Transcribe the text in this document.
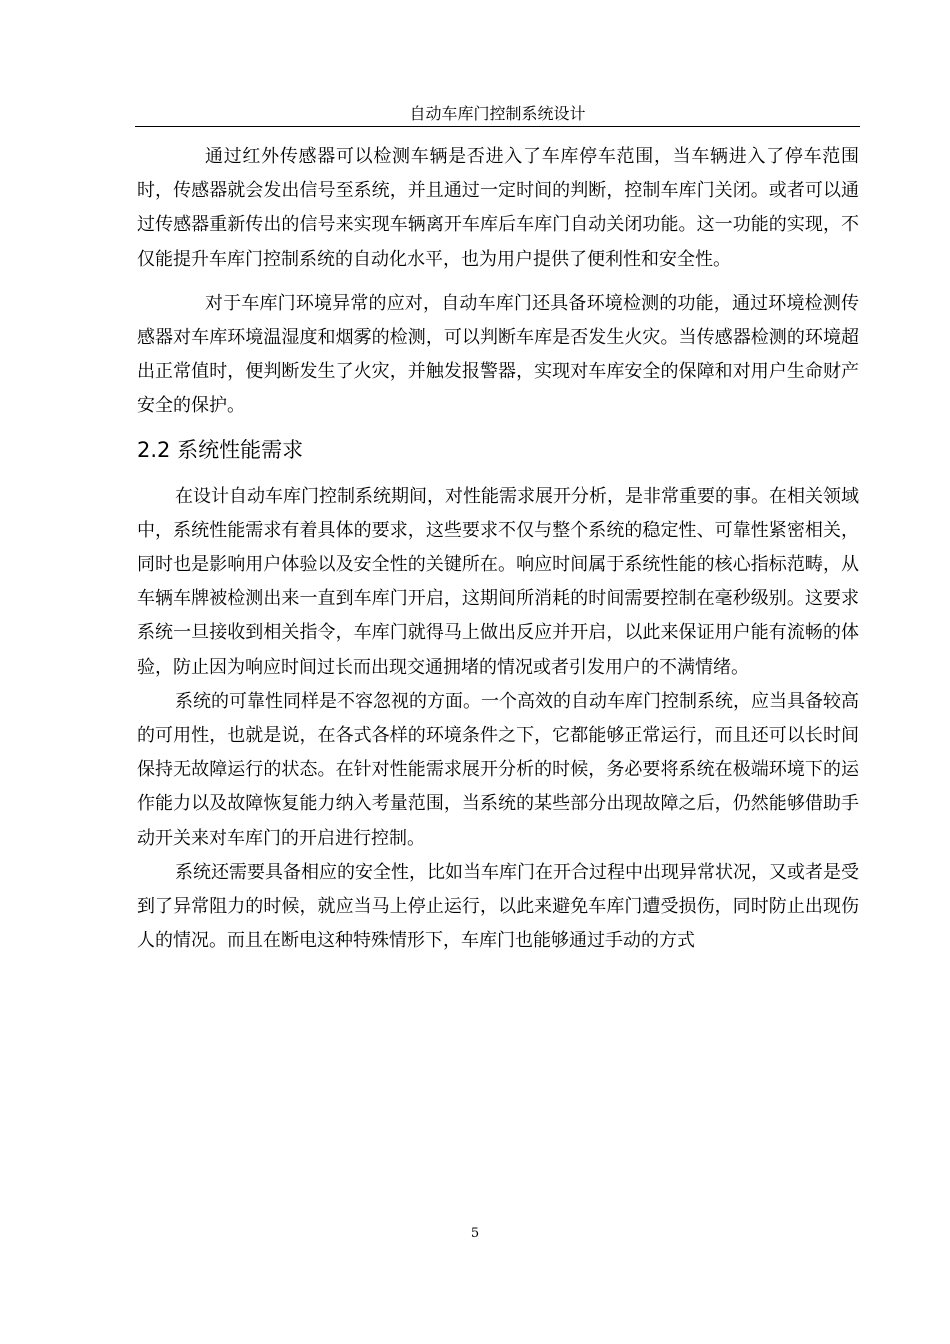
自动车库门控制系统设计

通过红外传感器可以检测车辆是否进入了车库停车范围，当车辆进入了停车范围时，传感器就会发出信号至系统，并且通过一定时间的判断，控制车库门关闭。或者可以通过传感器重新传出的信号来实现车辆离开车库后车库门自动关闭功能。这一功能的实现，不仅能提升车库门控制系统的自动化水平，也为用户提供了便利性和安全性。

对于车库门环境异常的应对，自动车库门还具备环境检测的功能，通过环境检测传感器对车库环境温湿度和烟雾的检测，可以判断车库是否发生火灾。当传感器检测的环境超出正常值时，便判断发生了火灾，并触发报警器，实现对车库安全的保障和对用户生命财产安全的保护。

2.2 系统性能需求

在设计自动车库门控制系统期间，对性能需求展开分析，是非常重要的事。在相关领域中，系统性能需求有着具体的要求，这些要求不仅与整个系统的稳定性、可靠性紧密相关，同时也是影响用户体验以及安全性的关键所在。响应时间属于系统性能的核心指标范畴，从车辆车牌被检测出来一直到车库门开启，这期间所消耗的时间需要控制在毫秒级别。这要求系统一旦接收到相关指令，车库门就得马上做出反应并开启，以此来保证用户能有流畅的体验，防止因为响应时间过长而出现交通拥堵的情况或者引发用户的不满情绪。

系统的可靠性同样是不容忽视的方面。一个高效的自动车库门控制系统，应当具备较高的可用性，也就是说，在各式各样的环境条件之下，它都能够正常运行，而且还可以长时间保持无故障运行的状态。在针对性能需求展开分析的时候，务必要将系统在极端环境下的运作能力以及故障恢复能力纳入考量范围，当系统的某些部分出现故障之后，仍然能够借助手动开关来对车库门的开启进行控制。

系统还需要具备相应的安全性，比如当车库门在开合过程中出现异常状况，又或者是受到了异常阻力的时候，就应当马上停止运行，以此来避免车库门遭受损伤，同时防止出现伤人的情况。而且在断电这种特殊情形下，车库门也能够通过手动的方式

5
